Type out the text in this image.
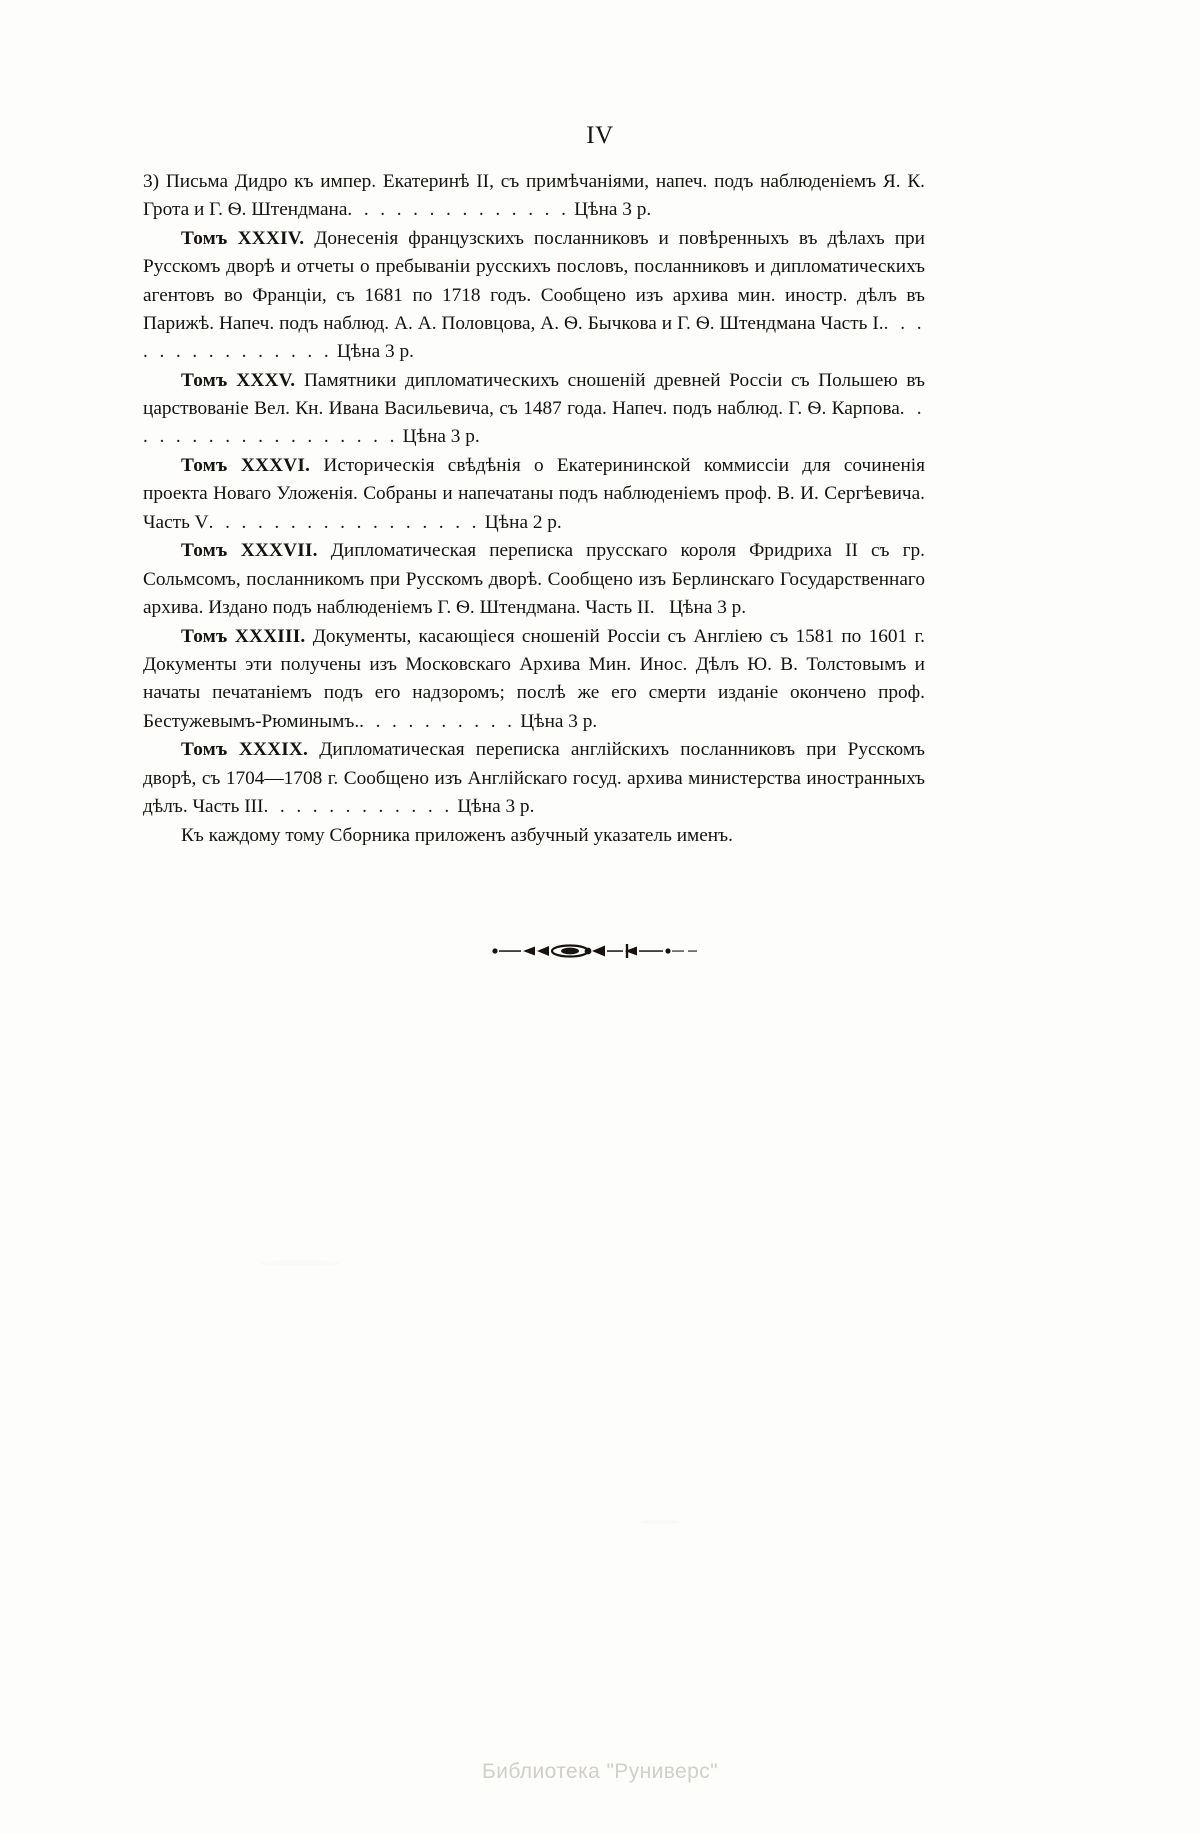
IV

3) Письма Дидро къ импер. Екатеринѣ II, съ примѣчаніями, напеч. подъ наблюденіемъ Я. К. Грота и Г. Ѳ. Штендмана. . . . . . . . . . . . . . Цѣна 3 р.

Томъ XXXIV. Донесенія французскихъ посланниковъ и повѣренныхъ въ дѣлахъ при Русскомъ дворѣ и отчеты о пребываніи русскихъ пословъ, посланниковъ и дипломатическихъ агентовъ во Франціи, съ 1681 по 1718 годъ. Сообщено изъ архива мин. иностр. дѣлъ въ Парижѣ. Напеч. подъ наблюд. А. А. Половцова, А. Ѳ. Бычкова и Г. Ѳ. Штендмана Часть I.. . . . . . . . . . . . . . . Цѣна 3 р.

Томъ XXXV. Памятники дипломатическихъ сношеній древней Россіи съ Польшею въ царствованіе Вел. Кн. Ивана Васильевича, съ 1487 года. Напеч. подъ наблюд. Г. Ѳ. Карпова. . . . . . . . . . . . . . . . . . Цѣна 3 р.

Томъ XXXVI. Историческія свѣдѣнія о Екатерининской коммиссіи для сочиненія проекта Новаго Уложенія. Собраны и напечатаны подъ наблюденіемъ проф. В. И. Сергѣевича. Часть V. . . . . . . . . . . . . . . . . Цѣна 2 р.

Томъ XXXVII. Дипломатическая переписка прусскаго короля Фридриха II съ гр. Сольмсомъ, посланникомъ при Русскомъ дворѣ. Сообщено изъ Берлинскаго Государственнаго архива. Издано подъ наблюденіемъ Г. Ѳ. Штендмана. Часть II. Цѣна 3 р.

Томъ XXXIII. Документы, касающіеся сношеній Россіи съ Англіею съ 1581 по 1601 г. Документы эти получены изъ Московскаго Архива Мин. Инос. Дѣлъ Ю. В. Толстовымъ и начаты печатаніемъ подъ его надзоромъ; послѣ же его смерти изданіе окончено проф. Бестужевымъ-Рюминымъ.. . . . . . . . . . Цѣна 3 р.

Томъ XXXIX. Дипломатическая переписка англійскихъ посланниковъ при Русскомъ дворѣ, съ 1704—1708 г. Сообщено изъ Англійскаго госуд. архива министерства иностранныхъ дѣлъ. Часть III. . . . . . . . . . . . Цѣна 3 р.

Къ каждому тому Сборника приложенъ азбучный указатель именъ.

Библиотека "Руниверс"
